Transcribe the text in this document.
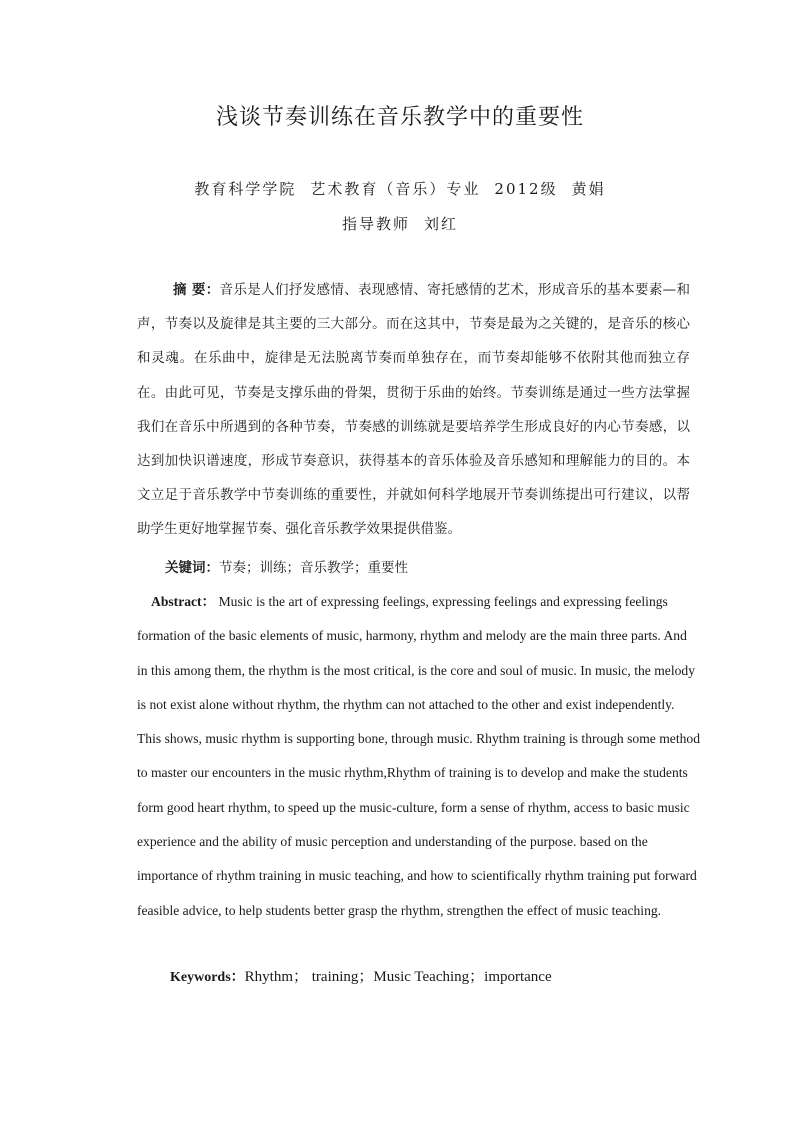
浅谈节奏训练在音乐教学中的重要性
教育科学学院 艺术教育（音乐）专业 2012级 黄娟
指导教师 刘红
摘 要：音乐是人们抒发感情、表现感情、寄托感情的艺术，形成音乐的基本要素—和声，节奏以及旋律是其主要的三大部分。而在这其中，节奏是最为之关键的，是音乐的核心和灵魂。在乐曲中，旋律是无法脱离节奏而单独存在，而节奏却能够不依附其他而独立存在。由此可见，节奏是支撑乐曲的骨架，贯彻于乐曲的始终。节奏训练是通过一些方法掌握我们在音乐中所遇到的各种节奏，节奏感的训练就是要培养学生形成良好的内心节奏感，以达到加快识谱速度，形成节奏意识，获得基本的音乐体验及音乐感知和理解能力的目的。本文立足于音乐教学中节奏训练的重要性，并就如何科学地展开节奏训练提出可行建议，以帮助学生更好地掌握节奏、强化音乐教学效果提供借鉴。
关键词：节奏；训练；音乐教学；重要性
Abstract： Music is the art of expressing feelings, expressing feelings and expressing feelings formation of the basic elements of music, harmony, rhythm and melody are the main three parts. And in this among them, the rhythm is the most critical, is the core and soul of music. In music, the melody is not exist alone without rhythm, the rhythm can not attached to the other and exist independently. This shows, music rhythm is supporting bone, through music. Rhythm training is through some method to master our encounters in the music rhythm,Rhythm of training is to develop and make the students form good heart rhythm, to speed up the music-culture, form a sense of rhythm, access to basic music experience and the ability of music perception and understanding of the purpose. based on the importance of rhythm training in music teaching, and how to scientifically rhythm training put forward feasible advice, to help students better grasp the rhythm, strengthen the effect of music teaching.
Keywords：Rhythm； training；Music Teaching；importance
